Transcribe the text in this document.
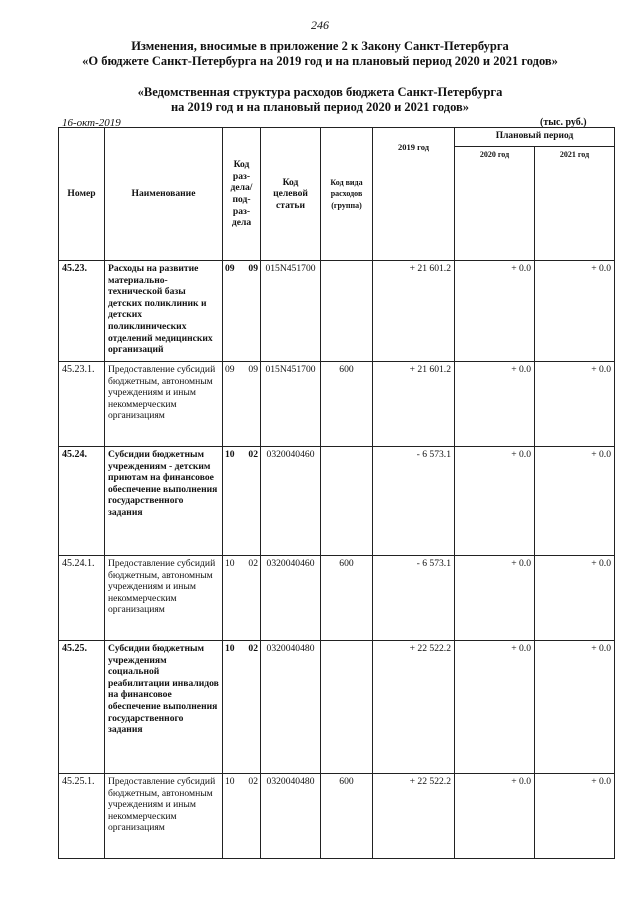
246
Изменения, вносимые в приложение 2 к Закону Санкт-Петербурга
«О бюджете Санкт-Петербурга на 2019 год и на плановый период 2020 и 2021 годов»
«Ведомственная структура расходов бюджета Санкт-Петербурга
на 2019 год и на плановый период 2020 и 2021 годов»
16-окт-2019	(тыс. руб.)
Номер	Наименование	Код раз-дела/ под-раз-дела	Код целевой статьи	Код вида расходов (группа)	2019 год	Плановый период	
						2020 год	2021 год
45.23.	Расходы на развитие материально-технической базы детских поликлиник и детских поликлинических отделений медицинских организаций	09 09	015N451700		+ 21 601.2	+ 0.0	+ 0.0
45.23.1.	Предоставление субсидий бюджетным, автономным учреждениям и иным некоммерческим организациям	09 09	015N451700	600	+ 21 601.2	+ 0.0	+ 0.0
45.24.	Субсидии бюджетным учреждениям - детским приютам на финансовое обеспечение выполнения государственного задания	10 02	0320040460		- 6 573.1	+ 0.0	+ 0.0
45.24.1.	Предоставление субсидий бюджетным, автономным учреждениям и иным некоммерческим организациям	10 02	0320040460	600	- 6 573.1	+ 0.0	+ 0.0
45.25.	Субсидии бюджетным учреждениям социальной реабилитации инвалидов на финансовое обеспечение выполнения государственного задания	10 02	0320040480		+ 22 522.2	+ 0.0	+ 0.0
45.25.1.	Предоставление субсидий бюджетным, автономным учреждениям и иным некоммерческим организациям	10 02	0320040480	600	+ 22 522.2	+ 0.0	+ 0.0
